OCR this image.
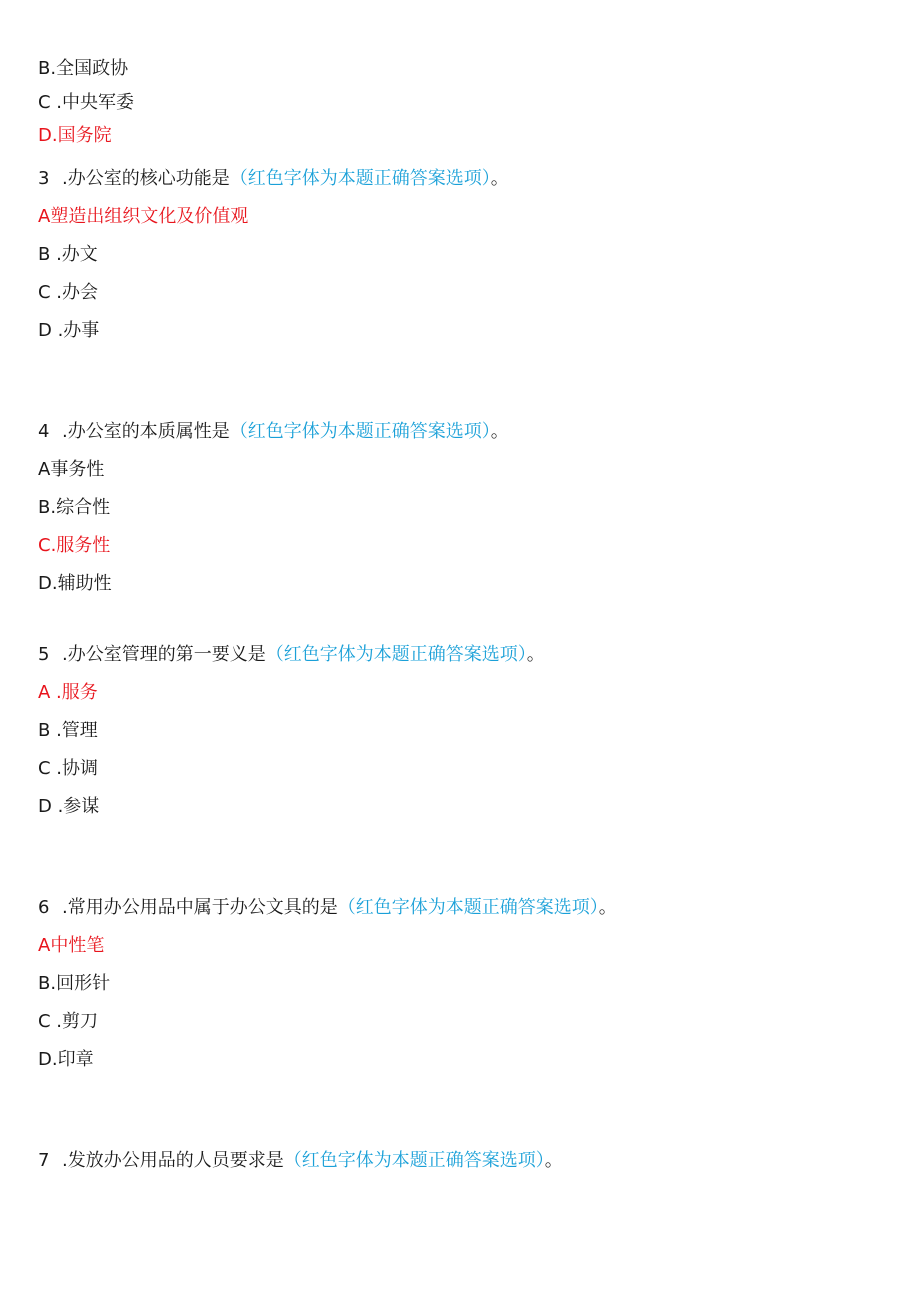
B.全国政协
C .中央军委
D.国务院
3 .办公室的核心功能是（红色字体为本题正确答案选项）。
A塑造出组织文化及价值观
B .办文
C .办会
D .办事
4 .办公室的本质属性是（红色字体为本题正确答案选项）。
A事务性
B.综合性
C.服务性
D.辅助性
5 .办公室管理的第一要义是（红色字体为本题正确答案选项）。
A .服务
B .管理
C .协调
D .参谋
6 .常用办公用品中属于办公文具的是（红色字体为本题正确答案选项）。
A中性笔
B.回形针
C .剪刀
D.印章
7 .发放办公用品的人员要求是（红色字体为本题正确答案选项）。
